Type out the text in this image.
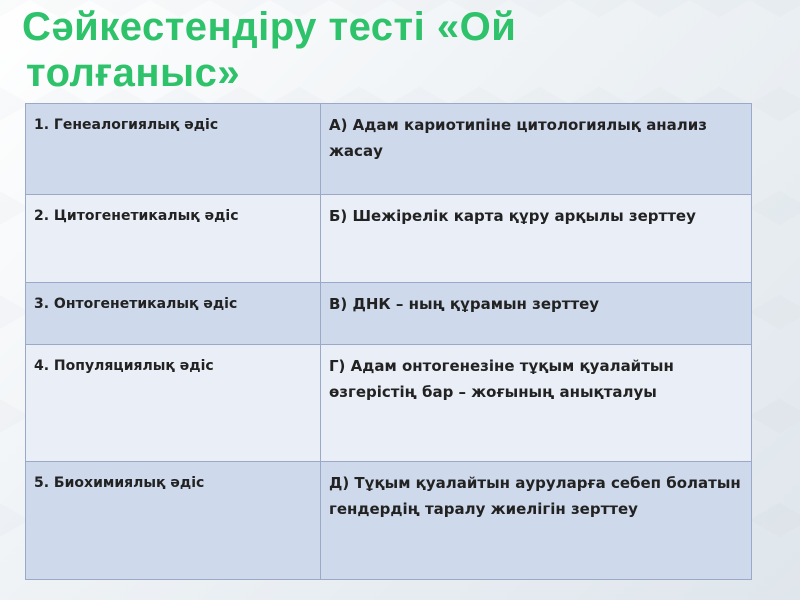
Сәйкестендіру тесті «Ой
толғаныс»
1. Генеалогиялық әдіс	А) Адам кариотипіне цитологиялық анализ жасау
2. Цитогенетикалық әдіс	Б) Шежірелік карта құру арқылы зерттеу
3. Онтогенетикалық әдіс	В) ДНК – ның құрамын зерттеу
4. Популяциялық әдіс	Г) Адам онтогенезіне тұқым қуалайтын өзгерістің бар – жоғының анықталуы
5. Биохимиялық әдіс	Д) Тұқым қуалайтын ауруларға себеп болатын гендердің таралу жиелігін зерттеу
